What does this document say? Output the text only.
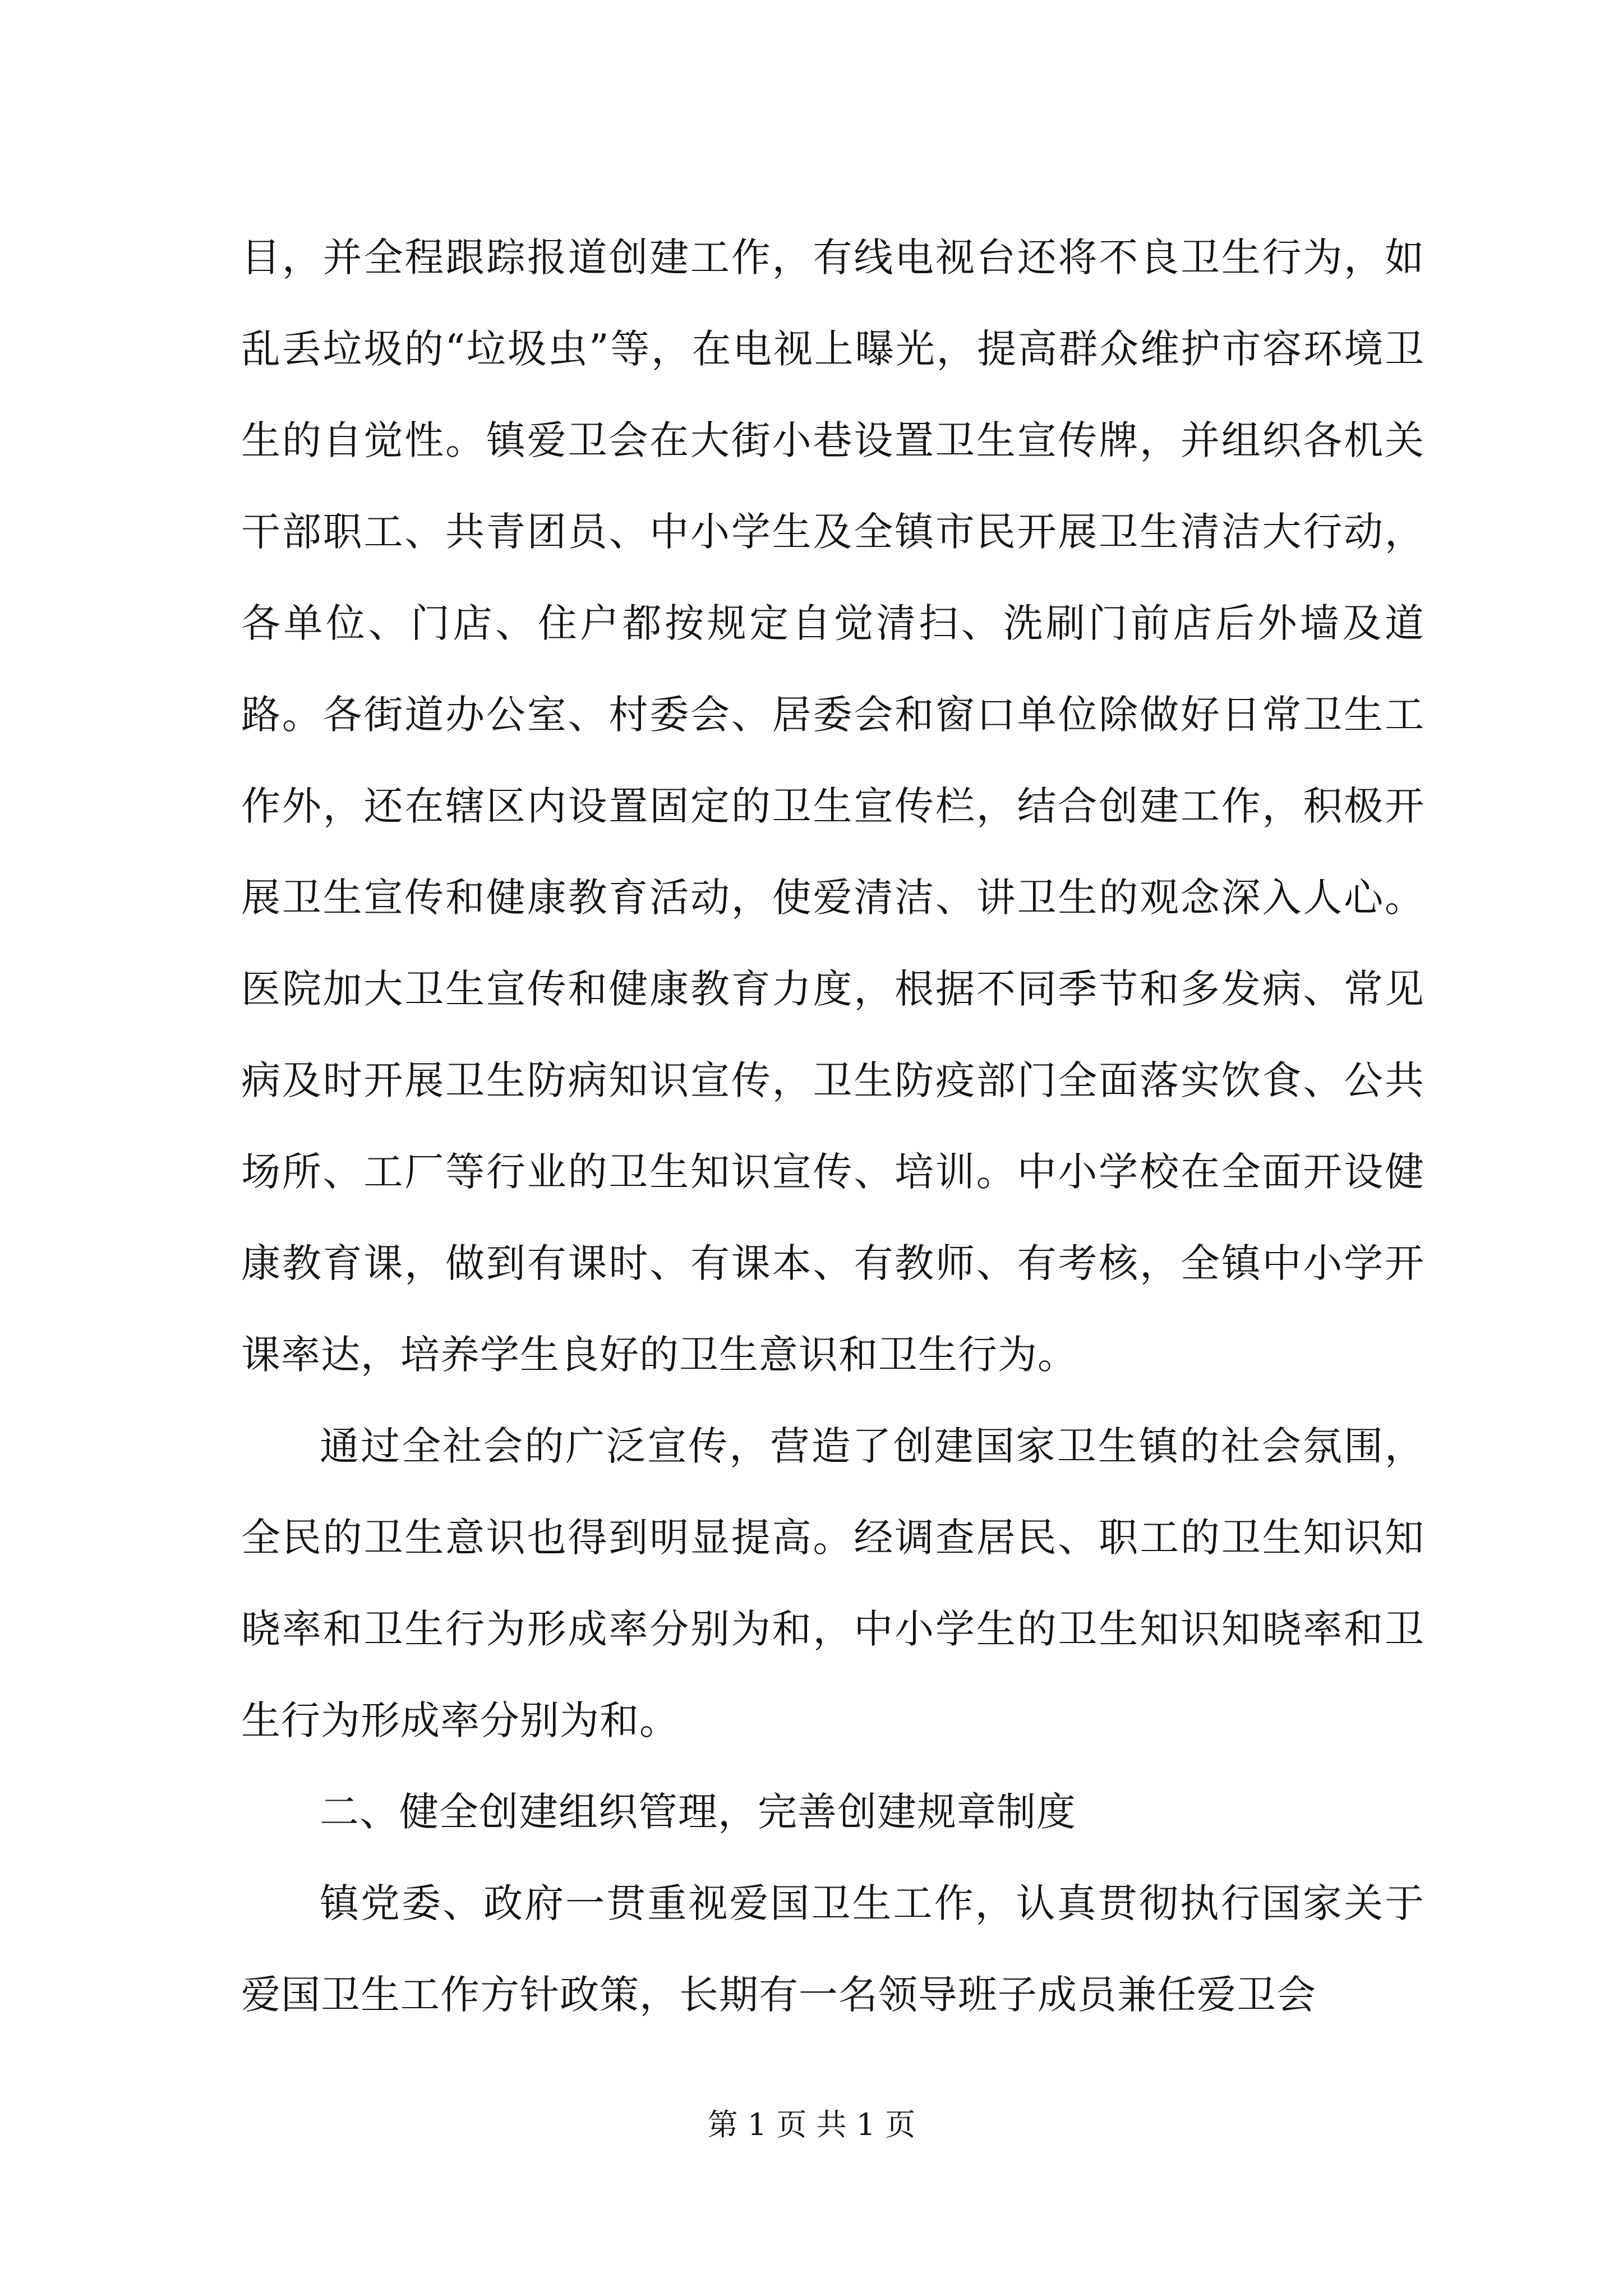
目，并全程跟踪报道创建工作，有线电视台还将不良卫生行为，如乱丢垃圾的“垃圾虫”等，在电视上曝光，提高群众维护市容环境卫生的自觉性。镇爱卫会在大街小巷设置卫生宣传牌，并组织各机关干部职工、共青团员、中小学生及全镇市民开展卫生清洁大行动，各单位、门店、住户都按规定自觉清扫、洗刷门前店后外墙及道路。各街道办公室、村委会、居委会和窗口单位除做好日常卫生工作外，还在辖区内设置固定的卫生宣传栏，结合创建工作，积极开展卫生宣传和健康教育活动，使爱清洁、讲卫生的观念深入人心。医院加大卫生宣传和健康教育力度，根据不同季节和多发病、常见病及时开展卫生防病知识宣传，卫生防疫部门全面落实饮食、公共场所、工厂等行业的卫生知识宣传、培训。中小学校在全面开设健康教育课，做到有课时、有课本、有教师、有考核，全镇中小学开课率达，培养学生良好的卫生意识和卫生行为。

通过全社会的广泛宣传，营造了创建国家卫生镇的社会氛围，全民的卫生意识也得到明显提高。经调查居民、职工的卫生知识知晓率和卫生行为形成率分别为和，中小学生的卫生知识知晓率和卫生行为形成率分别为和。

二、健全创建组织管理，完善创建规章制度

镇党委、政府一贯重视爱国卫生工作，认真贯彻执行国家关于爱国卫生工作方针政策，长期有一名领导班子成员兼任爱卫会

第 1 页 共 1 页
